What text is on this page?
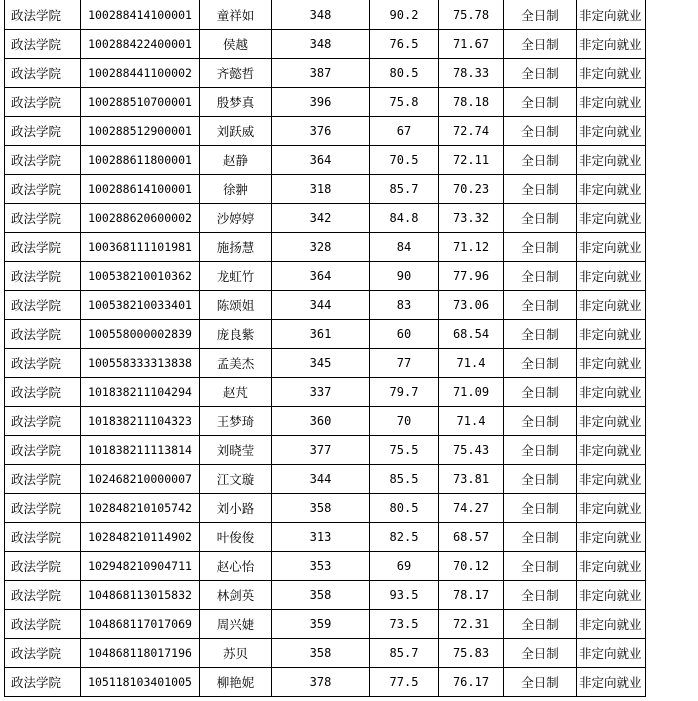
政法学院	100288414100001	童祥如	348	90.2	75.78	全日制	非定向就业
政法学院	100288422400001	侯越	348	76.5	71.67	全日制	非定向就业
政法学院	100288441100002	齐懿哲	387	80.5	78.33	全日制	非定向就业
政法学院	100288510700001	殷梦真	396	75.8	78.18	全日制	非定向就业
政法学院	100288512900001	刘跃威	376	67	72.74	全日制	非定向就业
政法学院	100288611800001	赵静	364	70.5	72.11	全日制	非定向就业
政法学院	100288614100001	徐翀	318	85.7	70.23	全日制	非定向就业
政法学院	100288620600002	沙婷婷	342	84.8	73.32	全日制	非定向就业
政法学院	100368111101981	施扬慧	328	84	71.12	全日制	非定向就业
政法学院	100538210010362	龙虹竹	364	90	77.96	全日制	非定向就业
政法学院	100538210033401	陈颂姐	344	83	73.06	全日制	非定向就业
政法学院	100558000002839	庞良紫	361	60	68.54	全日制	非定向就业
政法学院	100558333313838	孟美杰	345	77	71.4	全日制	非定向就业
政法学院	101838211104294	赵芃	337	79.7	71.09	全日制	非定向就业
政法学院	101838211104323	王梦琦	360	70	71.4	全日制	非定向就业
政法学院	101838211113814	刘晓莹	377	75.5	75.43	全日制	非定向就业
政法学院	102468210000007	江文璇	344	85.5	73.81	全日制	非定向就业
政法学院	102848210105742	刘小路	358	80.5	74.27	全日制	非定向就业
政法学院	102848210114902	叶俊俊	313	82.5	68.57	全日制	非定向就业
政法学院	102948210904711	赵心怡	353	69	70.12	全日制	非定向就业
政法学院	104868113015832	林剑英	358	93.5	78.17	全日制	非定向就业
政法学院	104868117017069	周兴婕	359	73.5	72.31	全日制	非定向就业
政法学院	104868118017196	苏贝	358	85.7	75.83	全日制	非定向就业
政法学院	105118103401005	柳艳妮	378	77.5	76.17	全日制	非定向就业
